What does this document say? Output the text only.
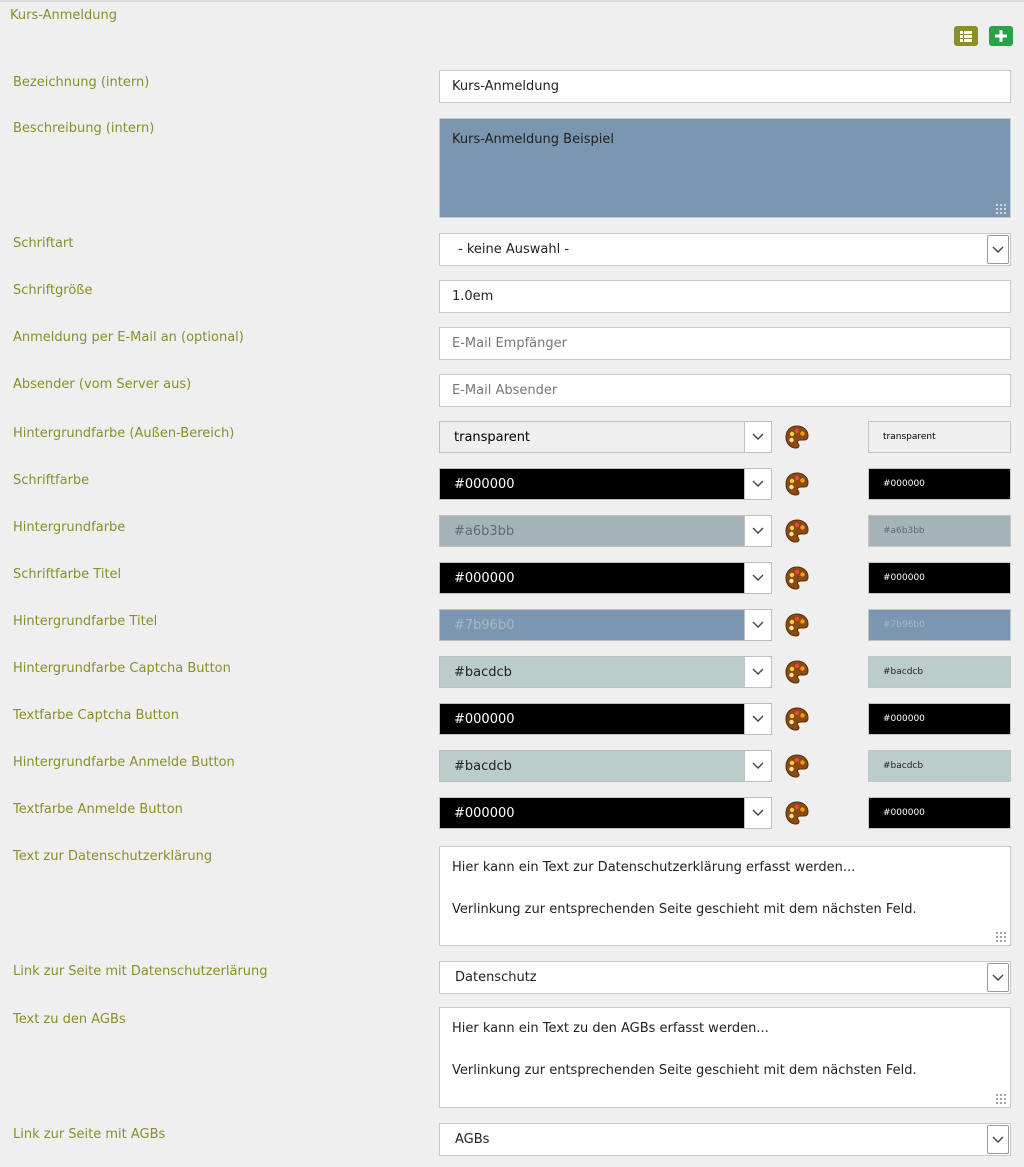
Kurs-Anmeldung
Bezeichnung (intern)	Kurs-Anmeldung
Beschreibung (intern)
Kurs-Anmeldung Beispiel
Schriftart	- keine Auswahl -
Schriftgröße	1.0em
Anmeldung per E-Mail an (optional)	E-Mail Empfänger
Absender (vom Server aus)	E-Mail Absender
Hintergrundfarbe (Außen-Bereich)	transparent	transparent
Schriftfarbe	#000000	#000000
Hintergrundfarbe	#a6b3bb	#a6b3bb
Schriftfarbe Titel	#000000	#000000
Hintergrundfarbe Titel	#7b96b0	#7b96b0
Hintergrundfarbe Captcha Button	#bacdcb	#bacdcb
Textfarbe Captcha Button	#000000	#000000
Hintergrundfarbe Anmelde Button	#bacdcb	#bacdcb
Textfarbe Anmelde Button	#000000	#000000
Text zur Datenschutzerklärung
Hier kann ein Text zur Datenschutzerklärung erfasst werden...
Verlinkung zur entsprechenden Seite geschieht mit dem nächsten Feld.
Link zur Seite mit Datenschutzerlärung	Datenschutz
Text zu den AGBs
Hier kann ein Text zu den AGBs erfasst werden...
Verlinkung zur entsprechenden Seite geschieht mit dem nächsten Feld.
Link zur Seite mit AGBs	AGBs
